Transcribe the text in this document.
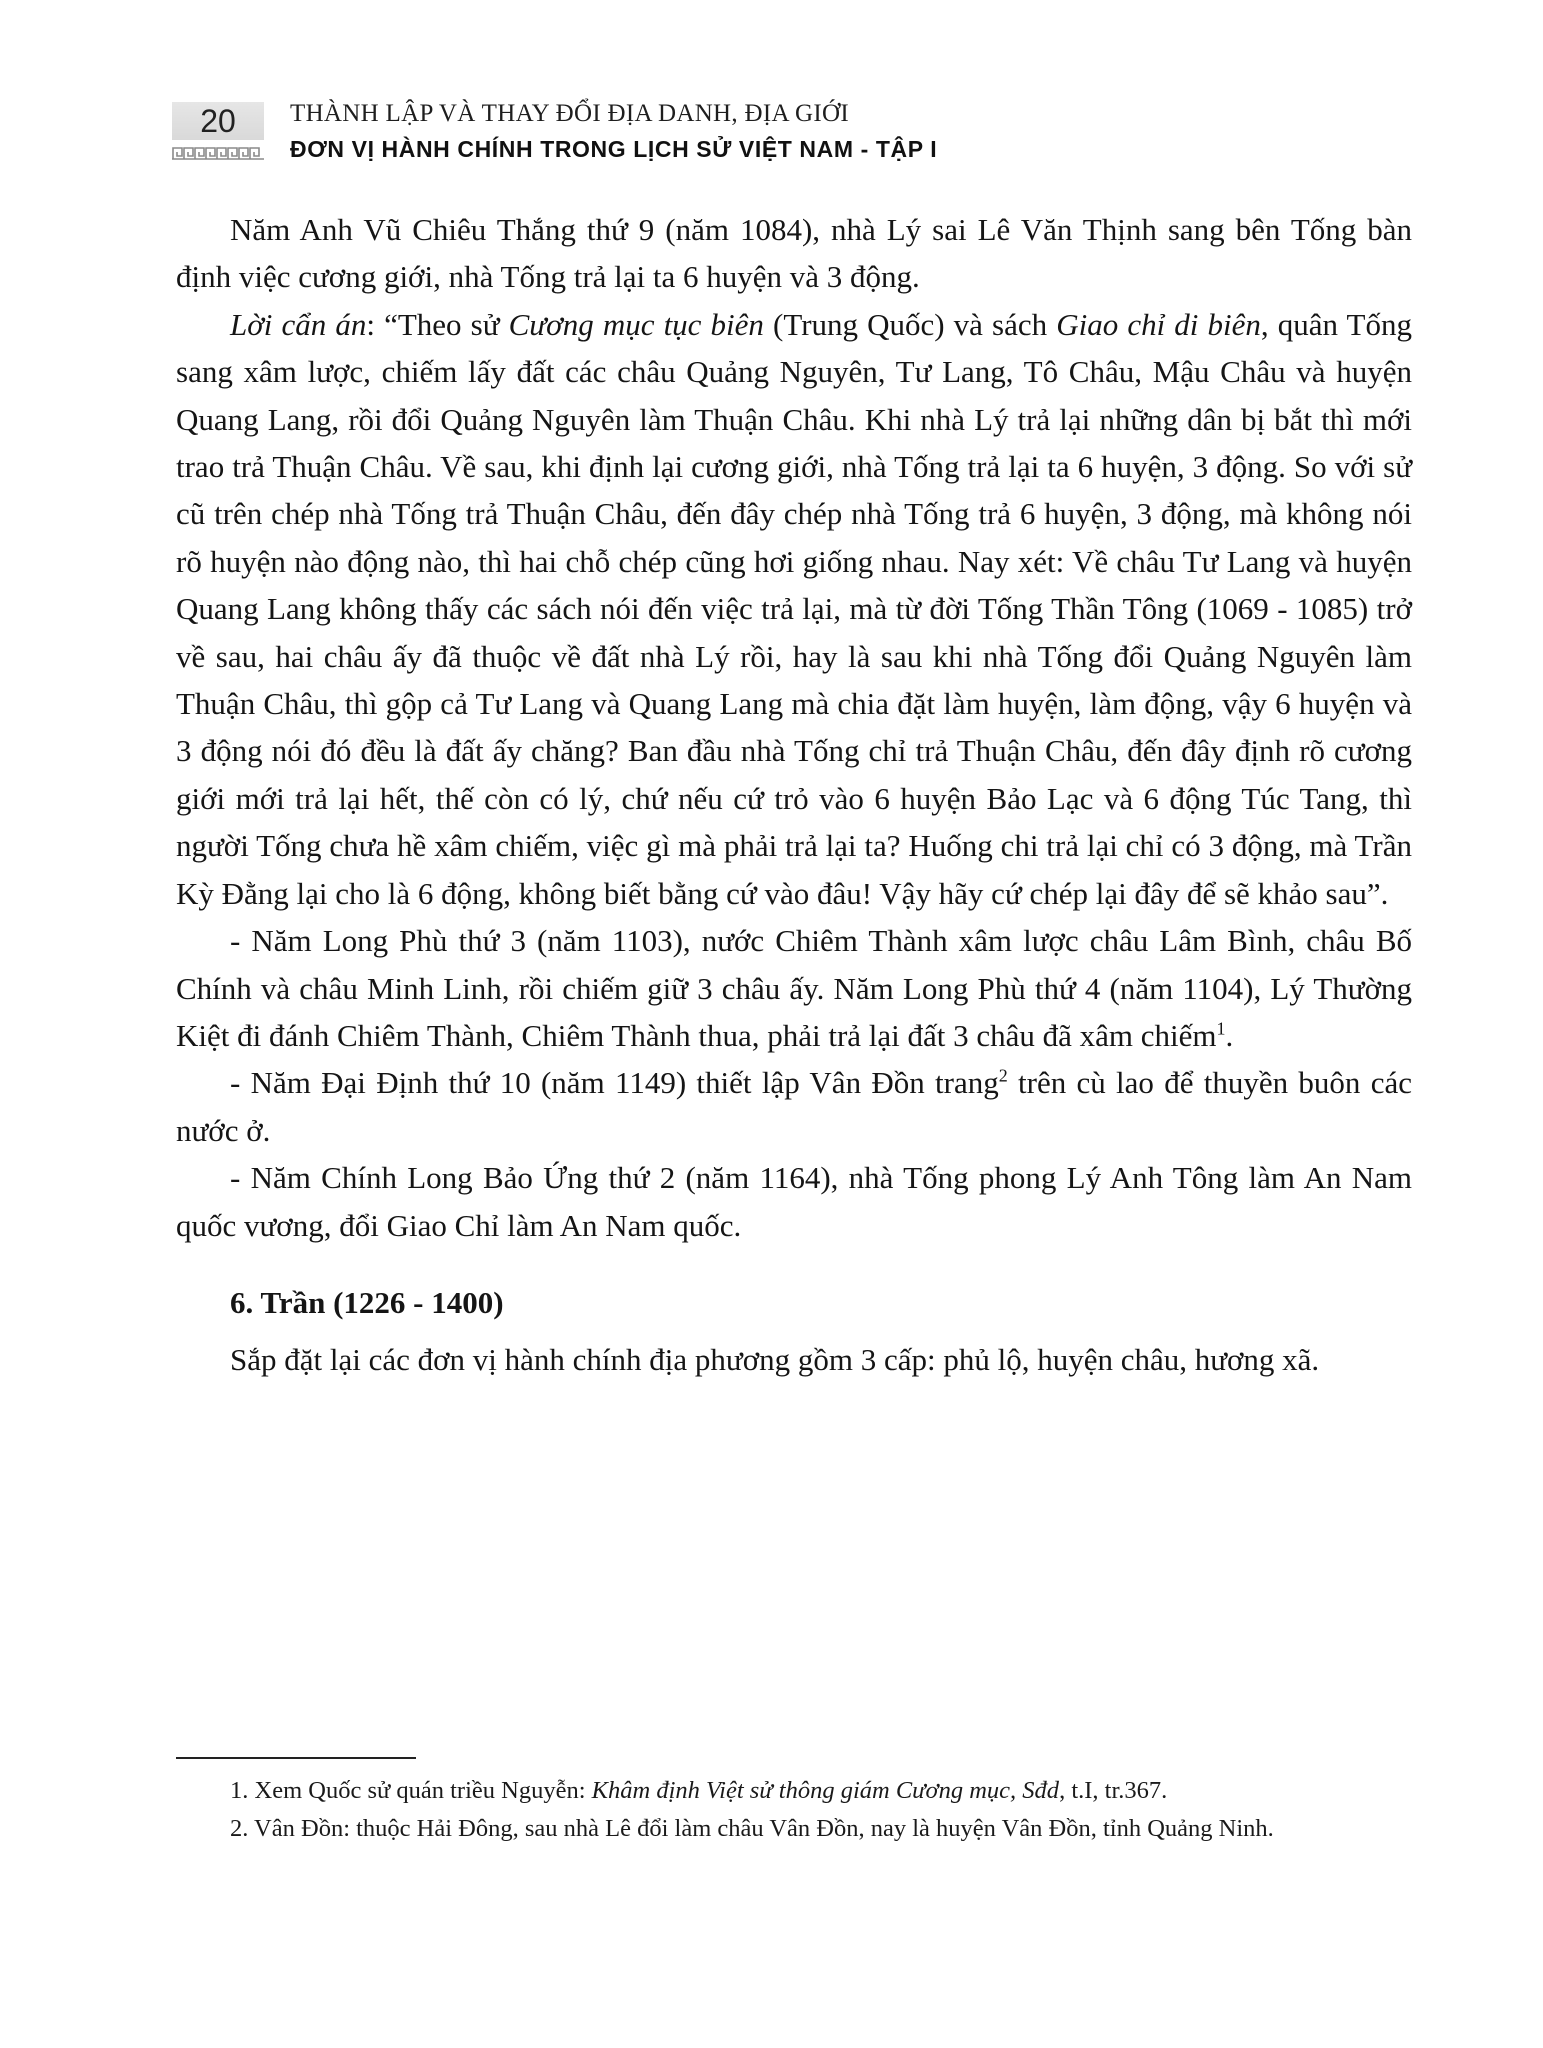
20 THÀNH LẬP VÀ THAY ĐỔI ĐỊA DANH, ĐỊA GIỚI
ĐƠN VỊ HÀNH CHÍNH TRONG LỊCH SỬ VIỆT NAM - TẬP I

Năm Anh Vũ Chiêu Thắng thứ 9 (năm 1084), nhà Lý sai Lê Văn Thịnh sang bên Tống bàn định việc cương giới, nhà Tống trả lại ta 6 huyện và 3 động.

Lời cẩn án: “Theo sử Cương mục tục biên (Trung Quốc) và sách Giao chỉ di biên, quân Tống sang xâm lược, chiếm lấy đất các châu Quảng Nguyên, Tư Lang, Tô Châu, Mậu Châu và huyện Quang Lang, rồi đổi Quảng Nguyên làm Thuận Châu. Khi nhà Lý trả lại những dân bị bắt thì mới trao trả Thuận Châu. Về sau, khi định lại cương giới, nhà Tống trả lại ta 6 huyện, 3 động. So với sử cũ trên chép nhà Tống trả Thuận Châu, đến đây chép nhà Tống trả 6 huyện, 3 động, mà không nói rõ huyện nào động nào, thì hai chỗ chép cũng hơi giống nhau. Nay xét: Về châu Tư Lang và huyện Quang Lang không thấy các sách nói đến việc trả lại, mà từ đời Tống Thần Tông (1069 - 1085) trở về sau, hai châu ấy đã thuộc về đất nhà Lý rồi, hay là sau khi nhà Tống đổi Quảng Nguyên làm Thuận Châu, thì gộp cả Tư Lang và Quang Lang mà chia đặt làm huyện, làm động, vậy 6 huyện và 3 động nói đó đều là đất ấy chăng? Ban đầu nhà Tống chỉ trả Thuận Châu, đến đây định rõ cương giới mới trả lại hết, thế còn có lý, chứ nếu cứ trỏ vào 6 huyện Bảo Lạc và 6 động Túc Tang, thì người Tống chưa hề xâm chiếm, việc gì mà phải trả lại ta? Huống chi trả lại chỉ có 3 động, mà Trần Kỳ Đằng lại cho là 6 động, không biết bằng cứ vào đâu! Vậy hãy cứ chép lại đây để sẽ khảo sau”.

- Năm Long Phù thứ 3 (năm 1103), nước Chiêm Thành xâm lược châu Lâm Bình, châu Bố Chính và châu Minh Linh, rồi chiếm giữ 3 châu ấy. Năm Long Phù thứ 4 (năm 1104), Lý Thường Kiệt đi đánh Chiêm Thành, Chiêm Thành thua, phải trả lại đất 3 châu đã xâm chiếm$^1$.

- Năm Đại Định thứ 10 (năm 1149) thiết lập Vân Đồn trang$^2$ trên cù lao để thuyền buôn các nước ở.

- Năm Chính Long Bảo Ứng thứ 2 (năm 1164), nhà Tống phong Lý Anh Tông làm An Nam quốc vương, đổi Giao Chỉ làm An Nam quốc.

6. Trần (1226 - 1400)

Sắp đặt lại các đơn vị hành chính địa phương gồm 3 cấp: phủ lộ, huyện châu, hương xã.

1. Xem Quốc sử quán triều Nguyễn: Khâm định Việt sử thông giám Cương mục, Sđd, t.I, tr.367.

2. Vân Đồn: thuộc Hải Đông, sau nhà Lê đổi làm châu Vân Đồn, nay là huyện Vân Đồn, tỉnh Quảng Ninh.
